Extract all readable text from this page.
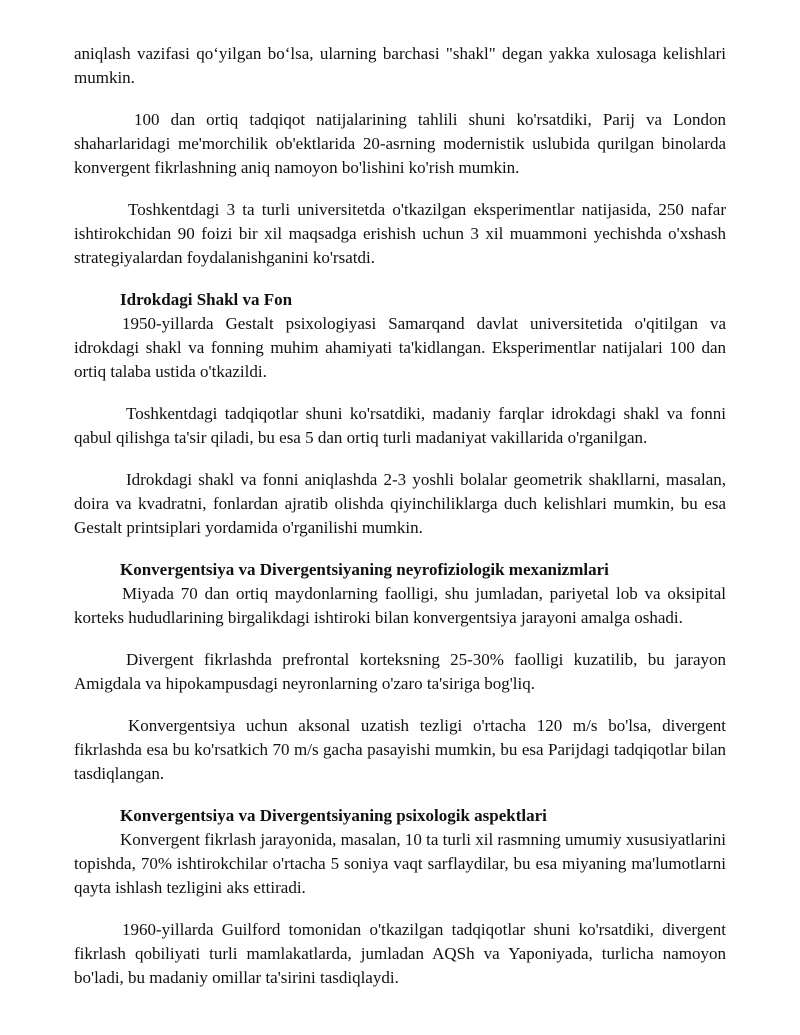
aniqlash vazifasi qo‘yilgan bo‘lsa, ularning barchasi "shakl" degan yakka xulosaga kelishlari mumkin.

100 dan ortiq tadqiqot natijalarining tahlili shuni ko'rsatdiki, Parij va London shaharlaridagi me'morchilik ob'ektlarida 20-asrning modernistik uslubida qurilgan binolarda konvergent fikrlashning aniq namoyon bo'lishini ko'rish mumkin.

Toshkentdagi 3 ta turli universitetda o'tkazilgan eksperimentlar natijasida, 250 nafar ishtirokchidan 90 foizi bir xil maqsadga erishish uchun 3 xil muammoni yechishda o'xshash strategiyalardan foydalanishganini ko'rsatdi.

Idrokdagi Shakl va Fon

1950-yillarda Gestalt psixologiyasi Samarqand davlat universitetida o'qitilgan va idrokdagi shakl va fonning muhim ahamiyati ta'kidlangan. Eksperimentlar natijalari 100 dan ortiq talaba ustida o'tkazildi.

Toshkentdagi tadqiqotlar shuni ko'rsatdiki, madaniy farqlar idrokdagi shakl va fonni qabul qilishga ta'sir qiladi, bu esa 5 dan ortiq turli madaniyat vakillarida o'rganilgan.

Idrokdagi shakl va fonni aniqlashda 2-3 yoshli bolalar geometrik shakllarni, masalan, doira va kvadratni, fonlardan ajratib olishda qiyinchiliklarga duch kelishlari mumkin, bu esa Gestalt printsiplari yordamida o'rganilishi mumkin.

Konvergentsiya va Divergentsiyaning neyrofiziologik mexanizmlari

Miyada 70 dan ortiq maydonlarning faolligi, shu jumladan, pariyetal lob va oksipital korteks hududlarining birgalikdagi ishtiroki bilan konvergentsiya jarayoni amalga oshadi.

Divergent fikrlashda prefrontal korteksning 25-30% faolligi kuzatilib, bu jarayon Amigdala va hipokampusdagi neyronlarning o'zaro ta'siriga bog'liq.

Konvergentsiya uchun aksonal uzatish tezligi o'rtacha 120 m/s bo'lsa, divergent fikrlashda esa bu ko'rsatkich 70 m/s gacha pasayishi mumkin, bu esa Parijdagi tadqiqotlar bilan tasdiqlangan.

Konvergentsiya va Divergentsiyaning psixologik aspektlari

Konvergent fikrlash jarayonida, masalan, 10 ta turli xil rasmning umumiy xususiyatlarini topishda, 70% ishtirokchilar o'rtacha 5 soniya vaqt sarflaydilar, bu esa miyaning ma'lumotlarni qayta ishlash tezligini aks ettiradi.

1960-yillarda Guilford tomonidan o'tkazilgan tadqiqotlar shuni ko'rsatdiki, divergent fikrlash qobiliyati turli mamlakatlarda, jumladan AQSh va Yaponiyada, turlicha namoyon bo'ladi, bu madaniy omillar ta'sirini tasdiqlaydi.
